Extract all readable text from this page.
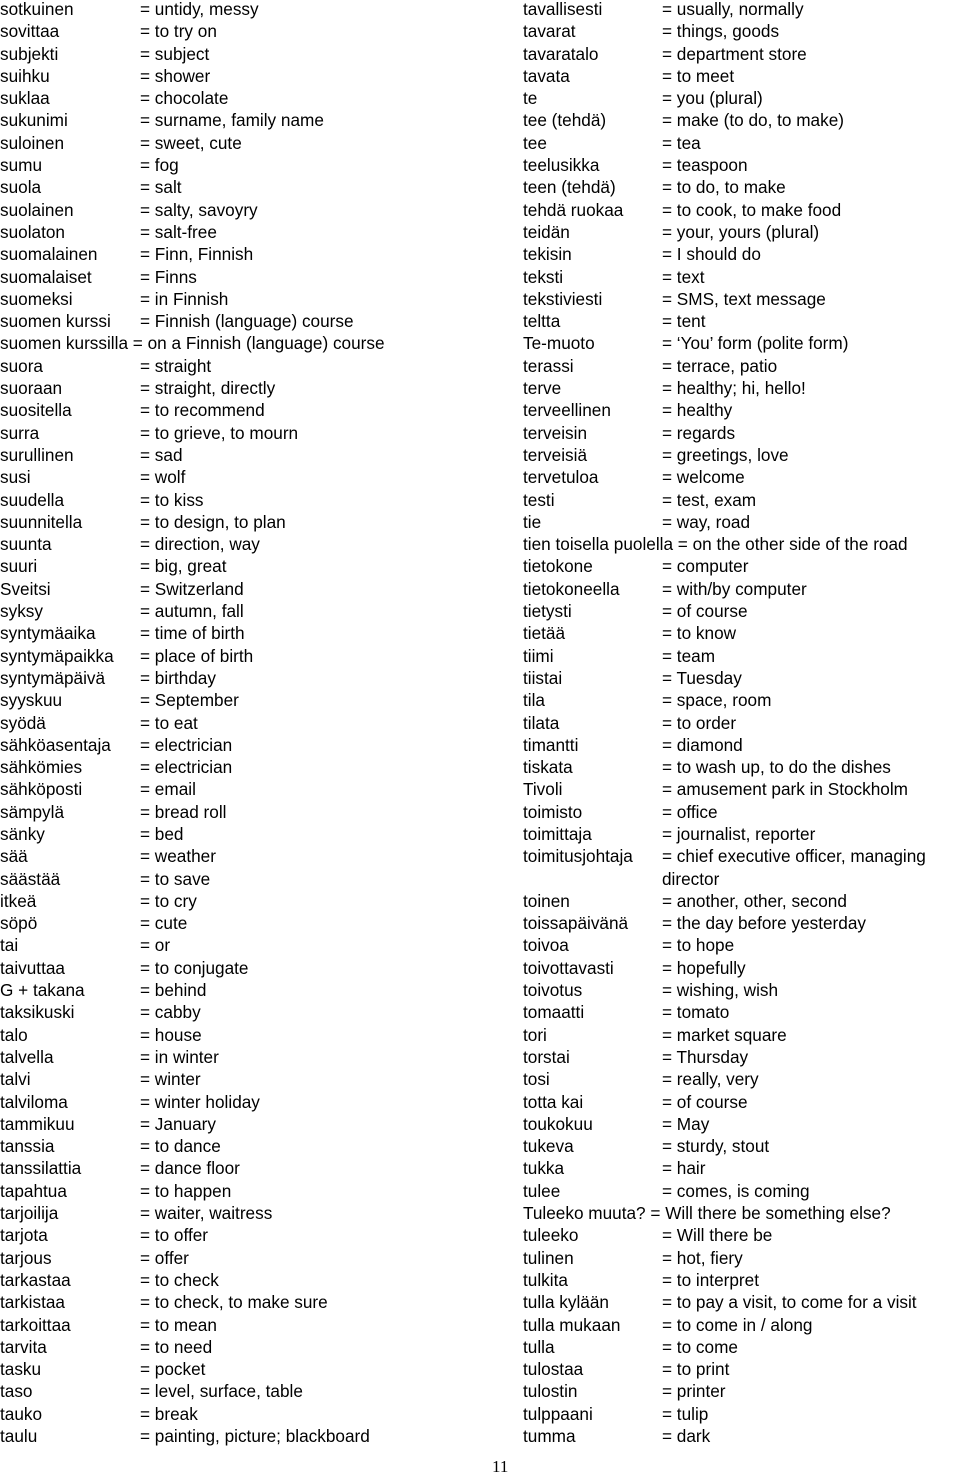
sotkuinen	= untidy, messy
sovittaa	= to try on
subjekti	= subject
suihku	= shower
suklaa	= chocolate
sukunimi	= surname, family name
suloinen	= sweet, cute
sumu	= fog
suola	= salt
suolainen	= salty, savoyry
suolaton	= salt-free
suomalainen = Finn, Finnish
suomalaiset	= Finns
suomeksi	= in Finnish
suomen kurssi = Finnish (language) course
suomen kurssilla = on a Finnish (language) course
suora	= straight
suoraan	= straight, directly
suositella	= to recommend
surra	= to grieve, to mourn
surullinen	= sad
susi	= wolf
suudella	= to kiss
suunnitella	= to design, to plan
suunta	= direction, way
suuri	= big, great
Sveitsi	= Switzerland
syksy	= autumn, fall
syntymäaika	= time of birth
syntymäpaikka = place of birth
syntymäpäivä = birthday
syyskuu	= September
syödä	= to eat
sähköasentaja = electrician
sähkömies	= electrician
sähköposti	= email
sämpylä	= bread roll
sänky	= bed
sää	= weather
säästää	= to save
itkeä	= to cry
söpö	= cute
tai	= or
taivuttaa	= to conjugate
G + takana	= behind
taksikuski	= cabby
talo	= house
talvella	= in winter
talvi	= winter
talviloma	= winter holiday
tammikuu	= January
tanssia	= to dance
tanssilattia	= dance floor
tapahtua	= to happen
tarjoilija	= waiter, waitress
tarjota	= to offer
tarjous	= offer
tarkastaa	= to check
tarkistaa	= to check, to make sure
tarkoittaa	= to mean
tarvita	= to need
tasku	= pocket
taso	= level, surface, table
tauko	= break
taulu	= painting, picture; blackboard
tavallisesti	= usually, normally
tavarat	= things, goods
tavaratalo	= department store
tavata	= to meet
te	= you (plural)
tee (tehdä)	= make (to do, to make)
tee	= tea
teelusikka	= teaspoon
teen (tehdä)	= to do, to make
tehdä ruokaa = to cook, to make food
teidän	= your, yours (plural)
tekisin	= I should do
teksti	= text
tekstiviesti	= SMS, text message
teltta	= tent
Te-muoto	= ‘You’ form (polite form)
terassi	= terrace, patio
terve	= healthy; hi, hello!
terveellinen	= healthy
terveisin	= regards
terveisiä	= greetings, love
tervetuloa	= welcome
testi	= test, exam
tie	= way, road
tien toisella puolella = on the other side of the road
tietokone	= computer
tietokoneella = with/by computer
tietysti	= of course
tietää	= to know
tiimi	= team
tiistai	= Tuesday
tila	= space, room
tilata	= to order
timantti	= diamond
tiskata	= to wash up, to do the dishes
Tivoli	= amusement park in Stockholm
toimisto	= office
toimittaja	= journalist, reporter
toimitusjohtaja = chief executive officer, managing
director
toinen	= another, other, second
toissapäivänä = the day before yesterday
toivoa	= to hope
toivottavasti	= hopefully
toivotus	= wishing, wish
tomaatti	= tomato
tori	= market square
torstai	= Thursday
tosi	= really, very
totta kai	= of course
toukokuu	= May
tukeva	= sturdy, stout
tukka	= hair
tulee	= comes, is coming
Tuleeko muuta? = Will there be something else?
tuleeko	= Will there be
tulinen	= hot, fiery
tulkita	= to interpret
tulla kylään	= to pay a visit, to come for a visit
tulla mukaan = to come in / along
tulla	= to come
tulostaa	= to print
tulostin	= printer
tulppaani	= tulip
tumma	= dark
11
